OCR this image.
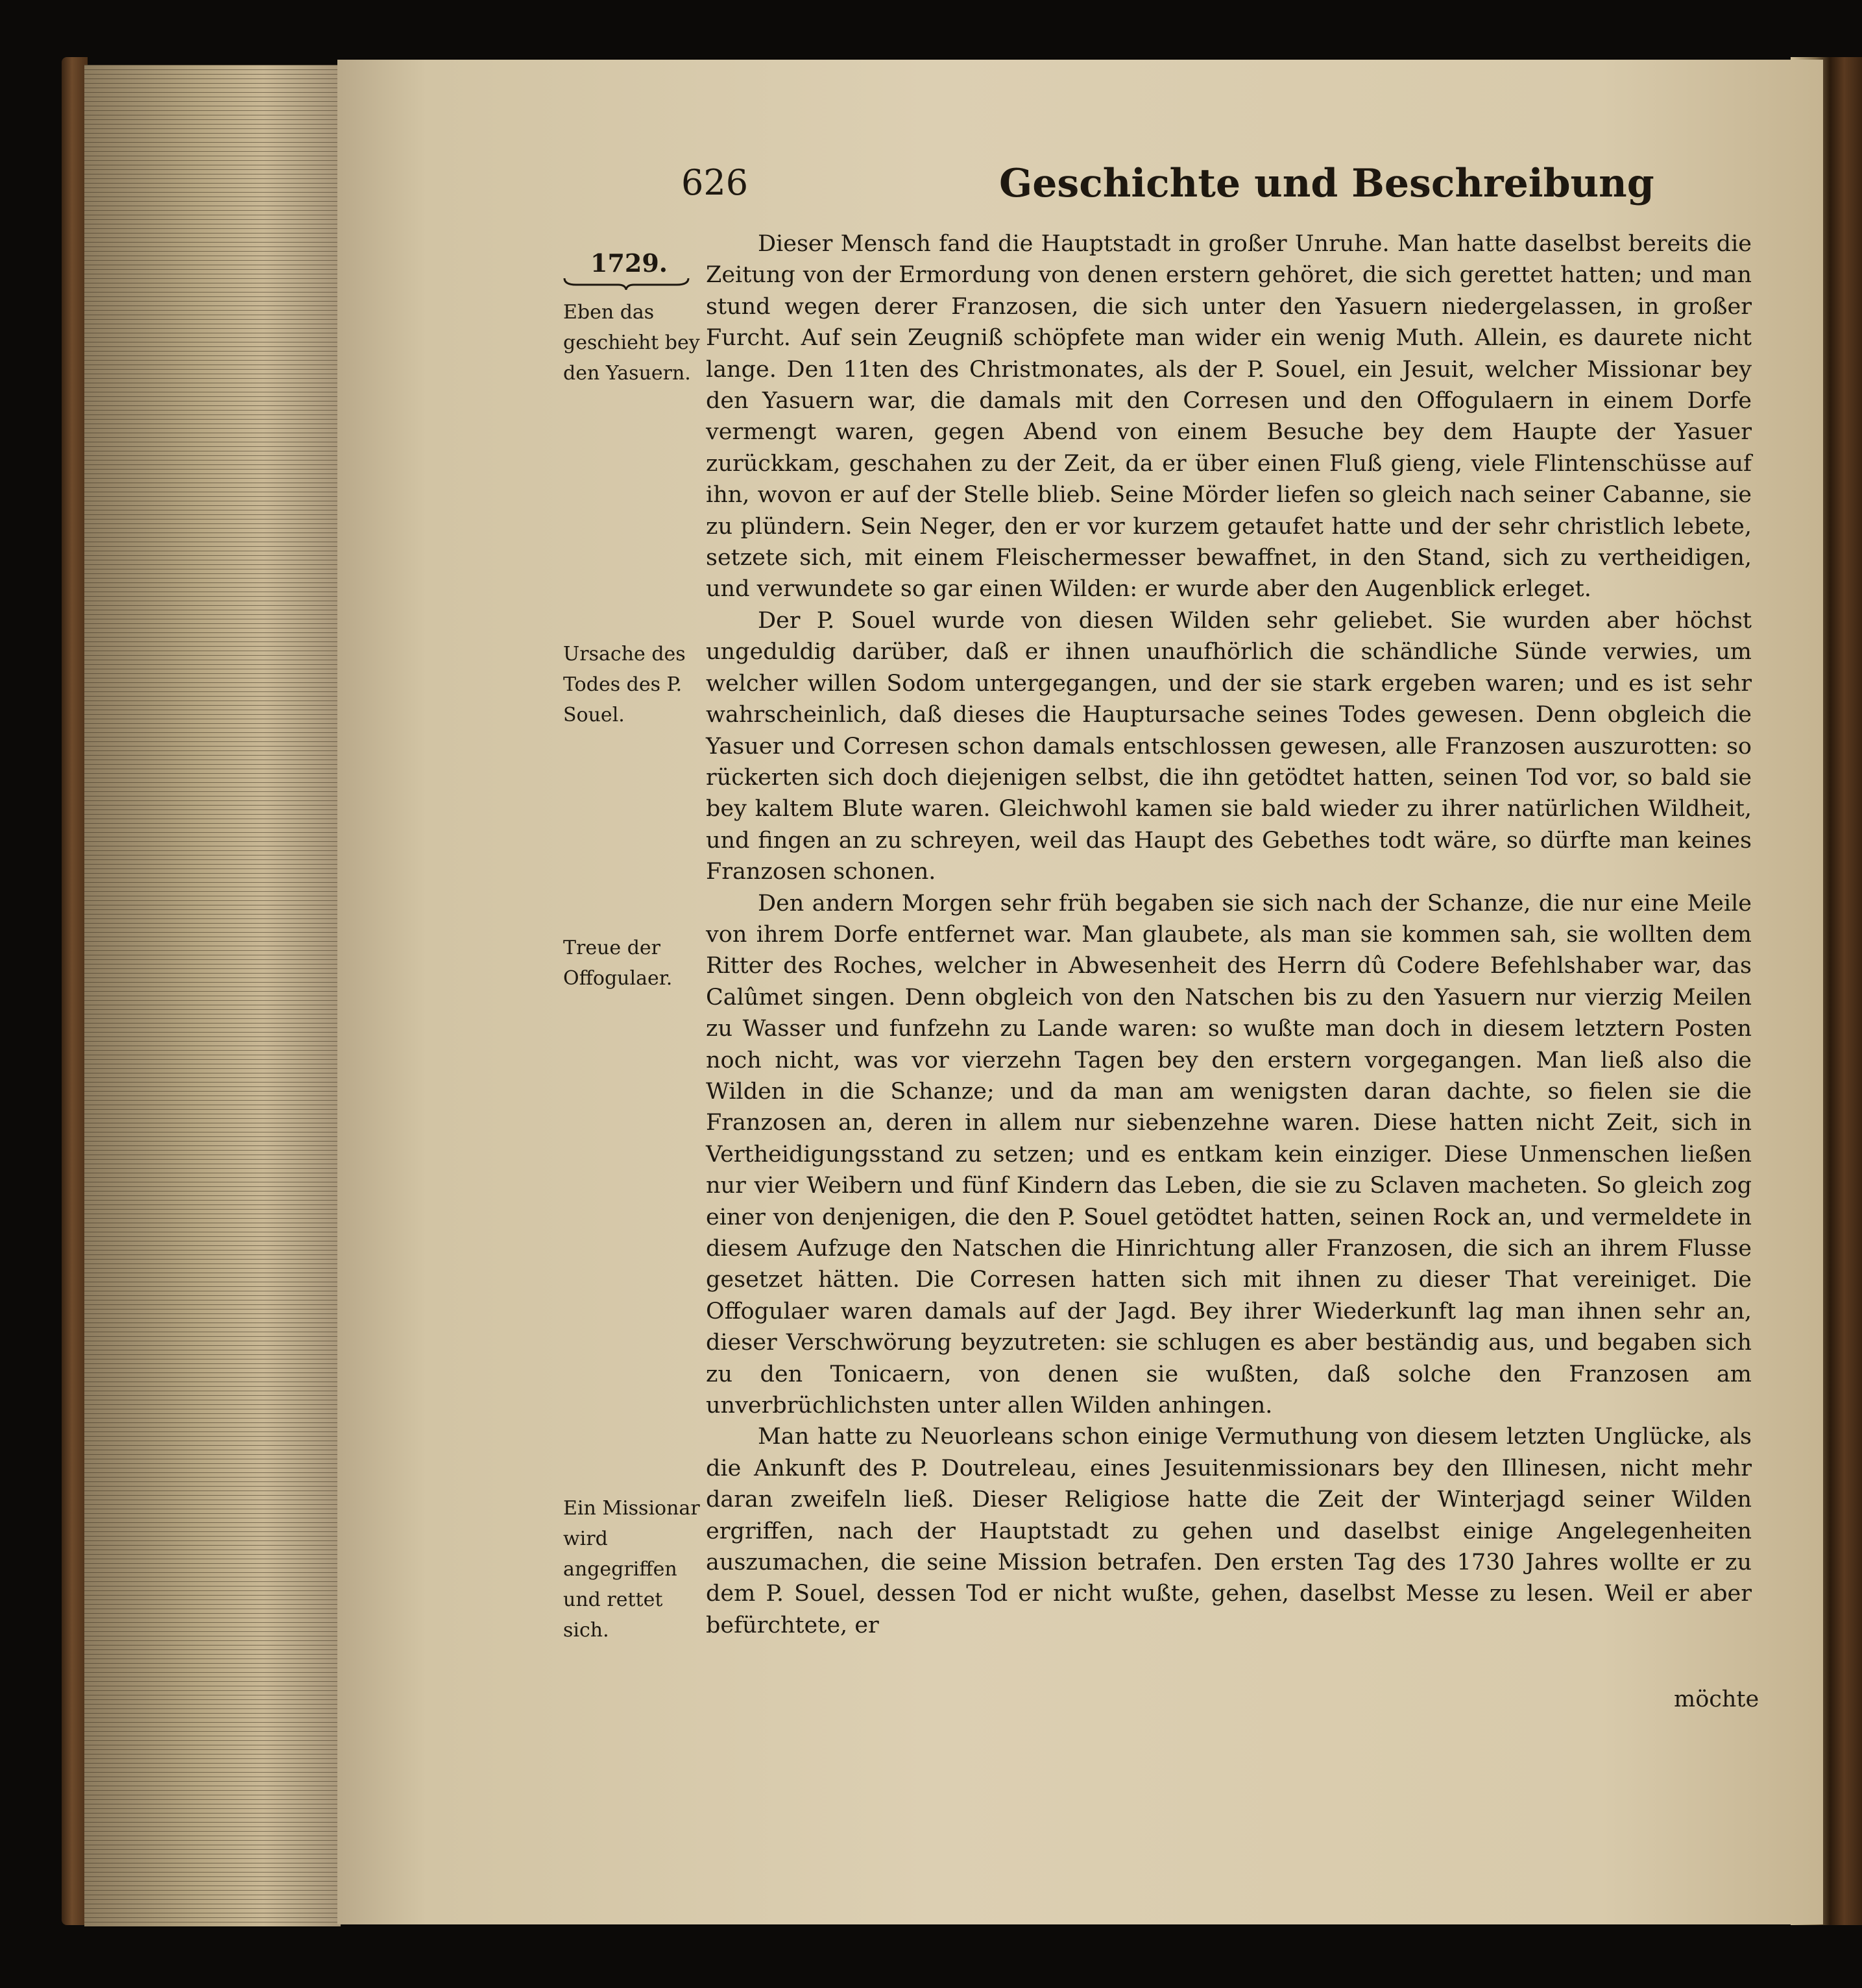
626	Geschichte und Beschreibung
1729.
Eben das geschieht bey den Yasuern.
Ursache des Todes des P. Souel.
Treue der Offogulaer.
Ein Missionar wird angegriffen und rettet sich.

Dieser Mensch fand die Hauptstadt in großer Unruhe. Man hatte daselbst bereits die Zeitung von der Ermordung von denen erstern gehöret, die sich gerettet hatten; und man stund wegen derer Franzosen, die sich unter den Yasuern niedergelassen, in großer Furcht. Auf sein Zeugniß schöpfete man wider ein wenig Muth. Allein, es daurete nicht lange. Den 11ten des Christmonates, als der P. Souel, ein Jesuit, welcher Missionar bey den Yasuern war, die damals mit den Corresen und den Offogulaern in einem Dorfe vermengt waren, gegen Abend von einem Besuche bey dem Haupte der Yasuer zurückkam, geschahen zu der Zeit, da er über einen Fluß gieng, viele Flintenschüsse auf ihn, wovon er auf der Stelle blieb. Seine Mörder liefen so gleich nach seiner Cabanne, sie zu plündern. Sein Neger, den er vor kurzem getaufet hatte und der sehr christlich lebete, setzete sich, mit einem Fleischermesser bewaffnet, in den Stand, sich zu vertheidigen, und verwundete so gar einen Wilden: er wurde aber den Augenblick erleget.

Der P. Souel wurde von diesen Wilden sehr geliebet. Sie wurden aber höchst ungeduldig darüber, daß er ihnen unaufhörlich die schändliche Sünde verwies, um welcher willen Sodom untergegangen, und der sie stark ergeben waren; und es ist sehr wahrscheinlich, daß dieses die Hauptursache seines Todes gewesen. Denn obgleich die Yasuer und Corresen schon damals entschlossen gewesen, alle Franzosen auszurotten: so rückerten sich doch diejenigen selbst, die ihn getödtet hatten, seinen Tod vor, so bald sie bey kaltem Blute waren. Gleichwohl kamen sie bald wieder zu ihrer natürlichen Wildheit, und fingen an zu schreyen, weil das Haupt des Gebethes todt wäre, so dürfte man keines Franzosen schonen.

Den andern Morgen sehr früh begaben sie sich nach der Schanze, die nur eine Meile von ihrem Dorfe entfernet war. Man glaubete, als man sie kommen sah, sie wollten dem Ritter des Roches, welcher in Abwesenheit des Herrn dû Codere Befehlshaber war, das Calûmet singen. Denn obgleich von den Natschen bis zu den Yasuern nur vierzig Meilen zu Wasser und funfzehn zu Lande waren: so wußte man doch in diesem letztern Posten noch nicht, was vor vierzehn Tagen bey den erstern vorgegangen. Man ließ also die Wilden in die Schanze; und da man am wenigsten daran dachte, so fielen sie die Franzosen an, deren in allem nur siebenzehne waren. Diese hatten nicht Zeit, sich in Vertheidigungsstand zu setzen; und es entkam kein einziger. Diese Unmenschen ließen nur vier Weibern und fünf Kindern das Leben, die sie zu Sclaven macheten. So gleich zog einer von denjenigen, die den P. Souel getödtet hatten, seinen Rock an, und vermeldete in diesem Aufzuge den Natschen die Hinrichtung aller Franzosen, die sich an ihrem Flusse gesetzet hätten. Die Corresen hatten sich mit ihnen zu dieser That vereiniget. Die Offogulaer waren damals auf der Jagd. Bey ihrer Wiederkunft lag man ihnen sehr an, dieser Verschwörung beyzutreten: sie schlugen es aber beständig aus, und begaben sich zu den Tonicaern, von denen sie wußten, daß solche den Franzosen am unverbrüchlichsten unter allen Wilden anhingen.

Man hatte zu Neuorleans schon einige Vermuthung von diesem letzten Unglücke, als die Ankunft des P. Doutreleau, eines Jesuitenmissionars bey den Illinesen, nicht mehr daran zweifeln ließ. Dieser Religiose hatte die Zeit der Winterjagd seiner Wilden ergriffen, nach der Hauptstadt zu gehen und daselbst einige Angelegenheiten auszumachen, die seine Mission betrafen. Den ersten Tag des 1730 Jahres wollte er zu dem P. Souel, dessen Tod er nicht wußte, gehen, daselbst Messe zu lesen. Weil er aber befürchtete, er

möchte
